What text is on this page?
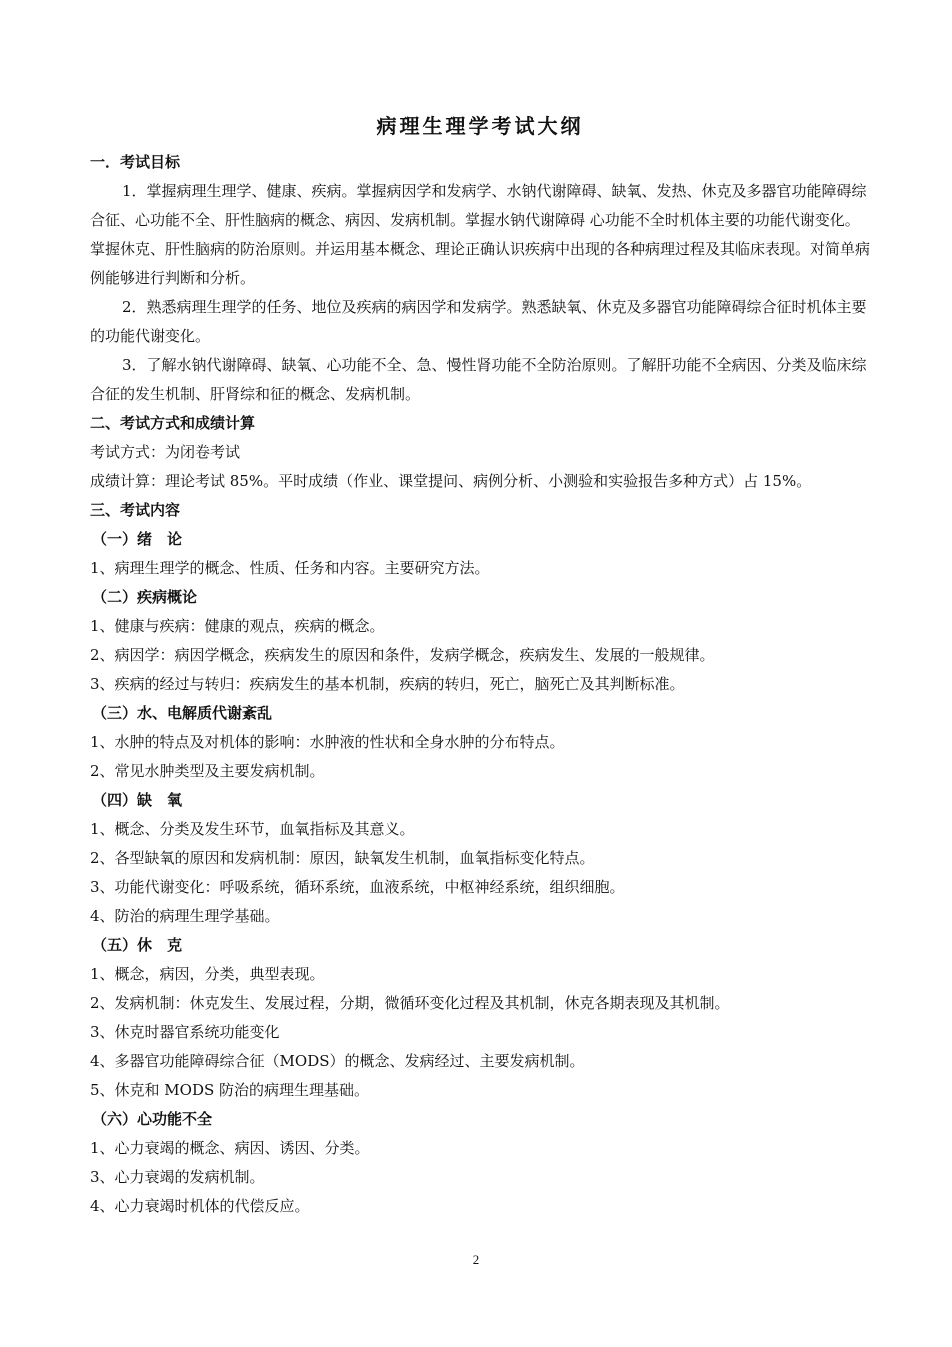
病理生理学考试大纲
一．考试目标

1．掌握病理生理学、健康、疾病。掌握病因学和发病学、水钠代谢障碍、缺氧、发热、休克及多器官功能障碍综合征、心功能不全、肝性脑病的概念、病因、发病机制。掌握水钠代谢障碍 心功能不全时机体主要的功能代谢变化。掌握休克、肝性脑病的防治原则。并运用基本概念、理论正确认识疾病中出现的各种病理过程及其临床表现。对简单病例能够进行判断和分析。

2．熟悉病理生理学的任务、地位及疾病的病因学和发病学。熟悉缺氧、休克及多器官功能障碍综合征时机体主要的功能代谢变化。

3．了解水钠代谢障碍、缺氧、心功能不全、急、慢性肾功能不全防治原则。了解肝功能不全病因、分类及临床综合征的发生机制、肝肾综和征的概念、发病机制。

二、考试方式和成绩计算
考试方式：为闭卷考试
成绩计算：理论考试 85%。平时成绩（作业、课堂提问、病例分析、小测验和实验报告多种方式）占 15%。
三、考试内容
（一）绪　论
1、病理生理学的概念、性质、任务和内容。主要研究方法。
（二）疾病概论
1、健康与疾病：健康的观点，疾病的概念。
2、病因学：病因学概念，疾病发生的原因和条件，发病学概念，疾病发生、发展的一般规律。
3、疾病的经过与转归：疾病发生的基本机制，疾病的转归，死亡，脑死亡及其判断标准。
（三）水、电解质代谢紊乱
1、水肿的特点及对机体的影响：水肿液的性状和全身水肿的分布特点。
2、常见水肿类型及主要发病机制。
（四）缺　氧
1、概念、分类及发生环节，血氧指标及其意义。
2、各型缺氧的原因和发病机制：原因，缺氧发生机制，血氧指标变化特点。
3、功能代谢变化：呼吸系统，循环系统，血液系统，中枢神经系统，组织细胞。
4、防治的病理生理学基础。
（五）休　克
1、概念，病因，分类，典型表现。
2、发病机制：休克发生、发展过程，分期，微循环变化过程及其机制，休克各期表现及其机制。
3、休克时器官系统功能变化
4、多器官功能障碍综合征（MODS）的概念、发病经过、主要发病机制。
5、休克和 MODS 防治的病理生理基础。
（六）心功能不全
1、心力衰竭的概念、病因、诱因、分类。
3、心力衰竭的发病机制。
4、心力衰竭时机体的代偿反应。
2
